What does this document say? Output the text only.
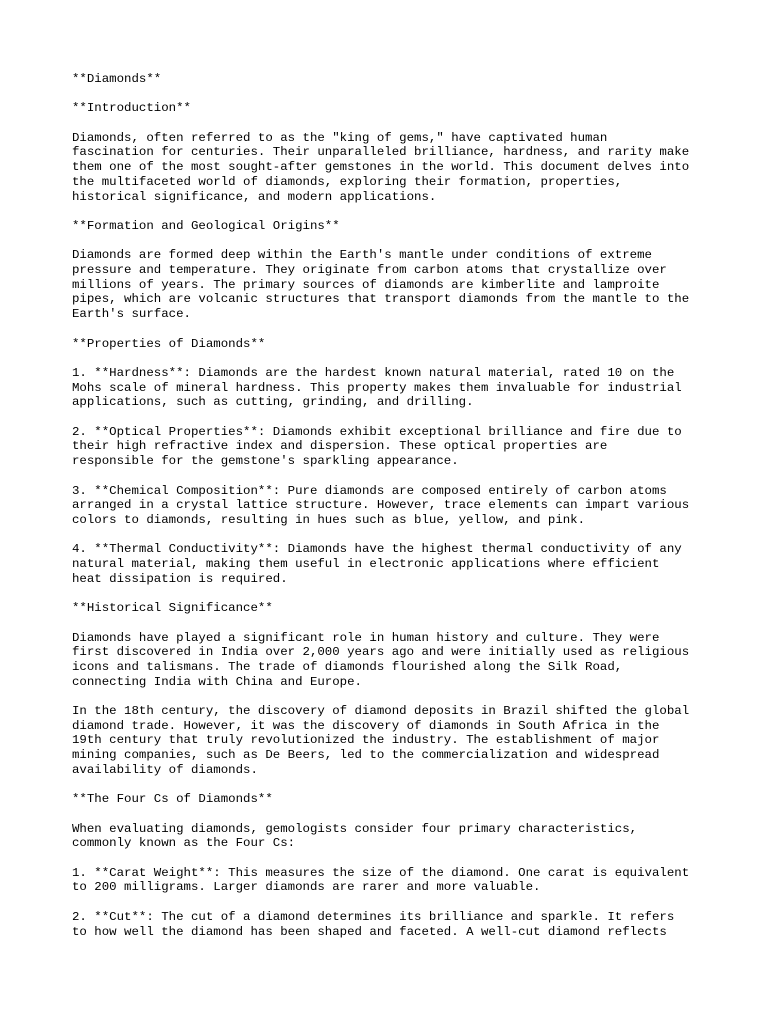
**Diamonds**

**Introduction**

Diamonds, often referred to as the "king of gems," have captivated human
fascination for centuries. Their unparalleled brilliance, hardness, and rarity make
them one of the most sought-after gemstones in the world. This document delves into
the multifaceted world of diamonds, exploring their formation, properties,
historical significance, and modern applications.

**Formation and Geological Origins**

Diamonds are formed deep within the Earth's mantle under conditions of extreme
pressure and temperature. They originate from carbon atoms that crystallize over
millions of years. The primary sources of diamonds are kimberlite and lamproite
pipes, which are volcanic structures that transport diamonds from the mantle to the
Earth's surface.

**Properties of Diamonds**

1. **Hardness**: Diamonds are the hardest known natural material, rated 10 on the
Mohs scale of mineral hardness. This property makes them invaluable for industrial
applications, such as cutting, grinding, and drilling.

2. **Optical Properties**: Diamonds exhibit exceptional brilliance and fire due to
their high refractive index and dispersion. These optical properties are
responsible for the gemstone's sparkling appearance.

3. **Chemical Composition**: Pure diamonds are composed entirely of carbon atoms
arranged in a crystal lattice structure. However, trace elements can impart various
colors to diamonds, resulting in hues such as blue, yellow, and pink.

4. **Thermal Conductivity**: Diamonds have the highest thermal conductivity of any
natural material, making them useful in electronic applications where efficient
heat dissipation is required.

**Historical Significance**

Diamonds have played a significant role in human history and culture. They were
first discovered in India over 2,000 years ago and were initially used as religious
icons and talismans. The trade of diamonds flourished along the Silk Road,
connecting India with China and Europe.

In the 18th century, the discovery of diamond deposits in Brazil shifted the global
diamond trade. However, it was the discovery of diamonds in South Africa in the
19th century that truly revolutionized the industry. The establishment of major
mining companies, such as De Beers, led to the commercialization and widespread
availability of diamonds.

**The Four Cs of Diamonds**

When evaluating diamonds, gemologists consider four primary characteristics,
commonly known as the Four Cs:

1. **Carat Weight**: This measures the size of the diamond. One carat is equivalent
to 200 milligrams. Larger diamonds are rarer and more valuable.

2. **Cut**: The cut of a diamond determines its brilliance and sparkle. It refers
to how well the diamond has been shaped and faceted. A well-cut diamond reflects
